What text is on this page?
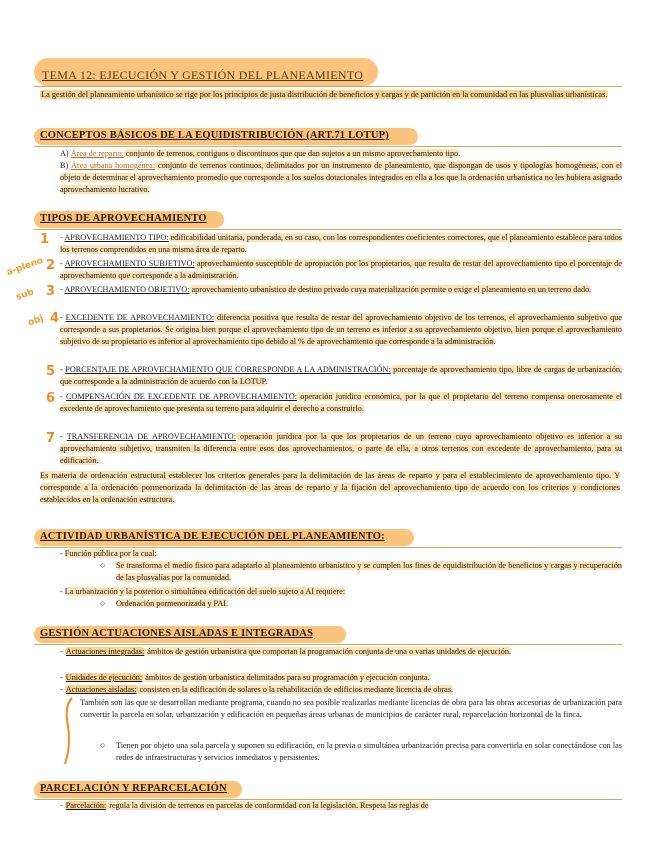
TEMA 12: EJECUCIÓN Y GESTIÓN DEL PLANEAMIENTO
La gestión del planeamiento urbanístico se rige por los principios de justa distribución de beneficios y cargas y de partición en la comunidad en las plusvalías urbanísticas.
CONCEPTOS BÁSICOS DE LA EQUIDISTRIBUCIÓN (ART.71 LOTUP)
A) Área de reparto: conjunto de terrenos, contiguos o discontinuos que que dan sujetos a un mismo aprovechamiento tipo.
B) Área urbana homogénea: conjunto de terrenos continuos, delimitados por un instrumento de planeamiento, que dispongan de usos y tipologías homogéneas, con el objeto de determinar el aprovechamiento promedio que corresponde a los suelos dotacionales integrados en ella a los que la ordenación urbanística no les hubiera asignado aprovechamiento lucrativo.
TIPOS DE APROVECHAMIENTO
1 - APROVECHAMIENTO TIPO: edificabilidad unitaria, ponderada, en su caso, con los correspondientes coeficientes correctores, que el planeamiento establece para todos los terrenos comprendidos en una misma área de reparto.
a-pleno 2 - APROVECHAMIENTO SUBJETIVO: aprovechamiento susceptible de apropiación por los propietarios, que resulta de restar del aprovechamiento tipo el porcentaje de aprovechamiento que corresponde a la administración.
sub 3 - APROVECHAMIENTO OBJETIVO: aprovechamiento urbanístico de destino privado cuya materialización permite o exige el planeamiento en un terreno dado.
obj 4 - EXCEDENTE DE APROVECHAMIENTO: diferencia positiva que resulta de restar del aprovechamiento objetivo de los terrenos, el aprovechamiento subjetivo que corresponde a sus propietarios. Se origina bien porque el aprovechamiento tipo de un terreno es inferior a su aprovechamiento objetivo, bien porque el aprovechamiento subjetivo de su propietario es inferior al aprovechamiento tipo debido al % de aprovechamiento que corresponde a la administración.
5 - PORCENTAJE DE APROVECHAMIENTO QUE CORRESPONDE A LA ADMINISTRACIÓN: porcentaje de aprovechamiento tipo, libre de cargas de urbanización, que corresponde a la administración de acuerdo con la LOTUP.
6 - COMPENSACIÓN DE EXCEDENTE DE APROVECHAMIENTO: operación jurídico económica, por la que el propietario del terreno compensa onerosamente el excedente de aprovechamiento que presenta su terreno para adquirir el derecho a construirlo.
7 - TRANSFERENCIA DE APROVECHAMIENTO: operación jurídica por la que los propietarios de un terreno cuyo aprovechamiento objetivo es inferior a su aprovechamiento subjetivo, transmiten la diferencia entre esos dos aprovechamientos, o parte de ella, a otros terrenos con excedente de aprovechamiento, para su edificación.
Es materia de ordenación estructural establecer los criterios generales para la delimitación de las áreas de reparto y para el establecimiento de aprovechamiento tipo. Y corresponde a la ordenación pormenorizada la delimitación de las áreas de reparto y la fijación del aprovechamiento tipo de acuerdo con los criterios y condiciones establecidos en la ordenación estructura.
ACTIVIDAD URBANÍSTICA DE EJECUCIÓN DEL PLANEAMIENTO:
- Función pública por la cual:
○ Se transforma el medio físico para adaptarlo al planeamiento urbanístico y se cumplen los fines de equidistribución de beneficios y cargas y recuperación de las plusvalías por la comunidad.
- La urbanización y la posterior o simultánea edificación del suelo sujeto a AI requiere:
○ Ordenación pormenorizada y PAI.
GESTIÓN ACTUACIONES AISLADAS E INTEGRADAS
- Actuaciones integradas: ámbitos de gestión urbanística que comportan la programación conjunta de una o varias unidades de ejecución.
- Unidades de ejecución: ámbitos de gestión urbanística delimitados para su programación y ejecución conjunta.
- Actuaciones aisladas: consisten en la edificación de solares o la rehabilitación de edificios mediante licencia de obras.
También son las que se desarrollan mediante programa, cuando no sea posible realizarlas mediante licencias de obra para las obras accesorias de urbanización para convertir la parcela en solar, urbanización y edificación en pequeñas áreas urbanas de municipios de carácter rural, reparcelación horizontal de la finca.
○ Tienen por objeto una sola parcela y suponen su edificación, en la previa o simultánea urbanización precisa para convertirla en solar conectándose con las redes de infraestructuras y servicios inmediatos y persistentes.
PARCELACIÓN Y REPARCELACIÓN
- Parcelación: regula la división de terrenos en parcelas de conformidad con la legislación. Respeta las reglas de
